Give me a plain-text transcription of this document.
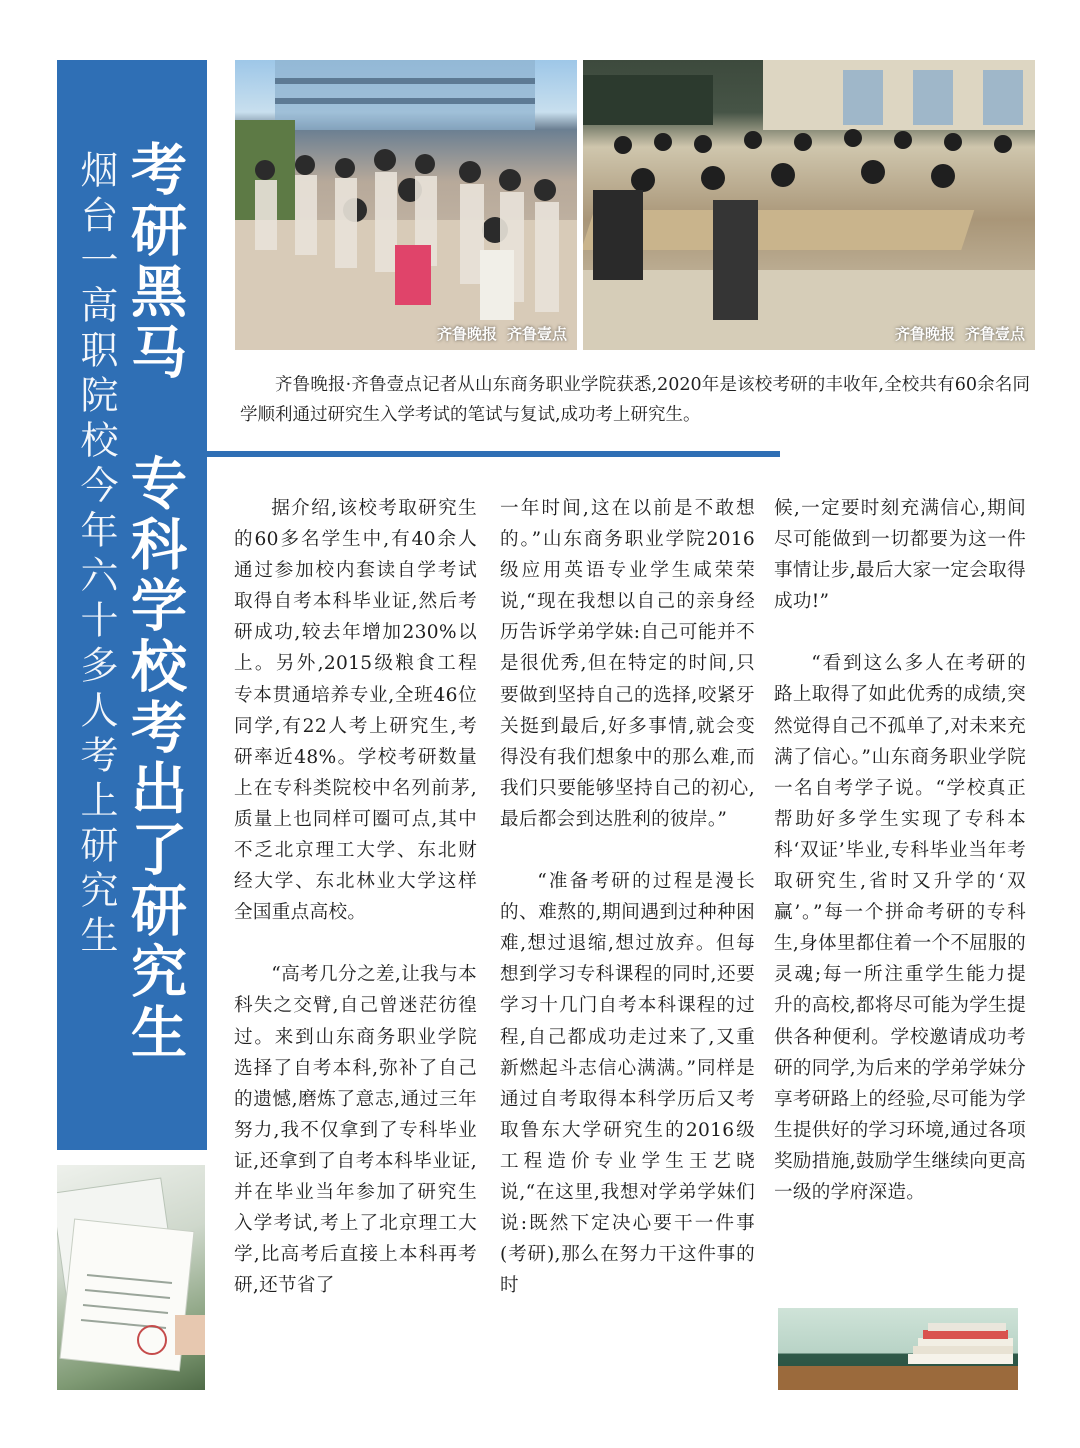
考研黑马 专科学校考出了研究生
烟台一高职院校今年六十多人考上研究生	齐鲁晚报 齐鲁壹点	齐鲁晚报 齐鲁壹点

齐鲁晚报·齐鲁壹点记者从山东商务职业学院获悉,2020年是该校考研的丰收年,全校共有60余名同学顺利通过研究生入学考试的笔试与复试,成功考上研究生。

据介绍,该校考取研究生的60多名学生中,有40余人通过参加校内套读自学考试取得自考本科毕业证,然后考研成功,较去年增加230%以上。另外,2015级粮食工程专本贯通培养专业,全班46位同学,有22人考上研究生,考研率近48%。学校考研数量上在专科类院校中名列前茅,质量上也同样可圈可点,其中不乏北京理工大学、东北财经大学、东北林业大学这样全国重点高校。

“高考几分之差,让我与本科失之交臂,自己曾迷茫彷徨过。来到山东商务职业学院选择了自考本科,弥补了自己的遗憾,磨炼了意志,通过三年努力,我不仅拿到了专科毕业证,还拿到了自考本科毕业证,并在毕业当年参加了研究生入学考试,考上了北京理工大学,比高考后直接上本科再考研,还节省了

一年时间,这在以前是不敢想的。”山东商务职业学院2016级应用英语专业学生咸荣荣说,“现在我想以自己的亲身经历告诉学弟学妹:自己可能并不是很优秀,但在特定的时间,只要做到坚持自己的选择,咬紧牙关挺到最后,好多事情,就会变得没有我们想象中的那么难,而我们只要能够坚持自己的初心,最后都会到达胜利的彼岸。”

“准备考研的过程是漫长的、难熬的,期间遇到过种种困难,想过退缩,想过放弃。但每想到学习专科课程的同时,还要学习十几门自考本科课程的过程,自己都成功走过来了,又重新燃起斗志信心满满。”同样是通过自考取得本科学历后又考取鲁东大学研究生的2016级工程造价专业学生王艺晓说,“在这里,我想对学弟学妹们说:既然下定决心要干一件事(考研),那么在努力干这件事的时

候,一定要时刻充满信心,期间尽可能做到一切都要为这一件事情让步,最后大家一定会取得成功!”

“看到这么多人在考研的路上取得了如此优秀的成绩,突然觉得自己不孤单了,对未来充满了信心。”山东商务职业学院一名自考学子说。“学校真正帮助好多学生实现了专科本科‘双证’毕业,专科毕业当年考取研究生,省时又升学的‘双赢’。”每一个拼命考研的专科生,身体里都住着一个不屈服的灵魂;每一所注重学生能力提升的高校,都将尽可能为学生提供各种便利。学校邀请成功考研的同学,为后来的学弟学妹分享考研路上的经验,尽可能为学生提供好的学习环境,通过各项奖励措施,鼓励学生继续向更高一级的学府深造。
